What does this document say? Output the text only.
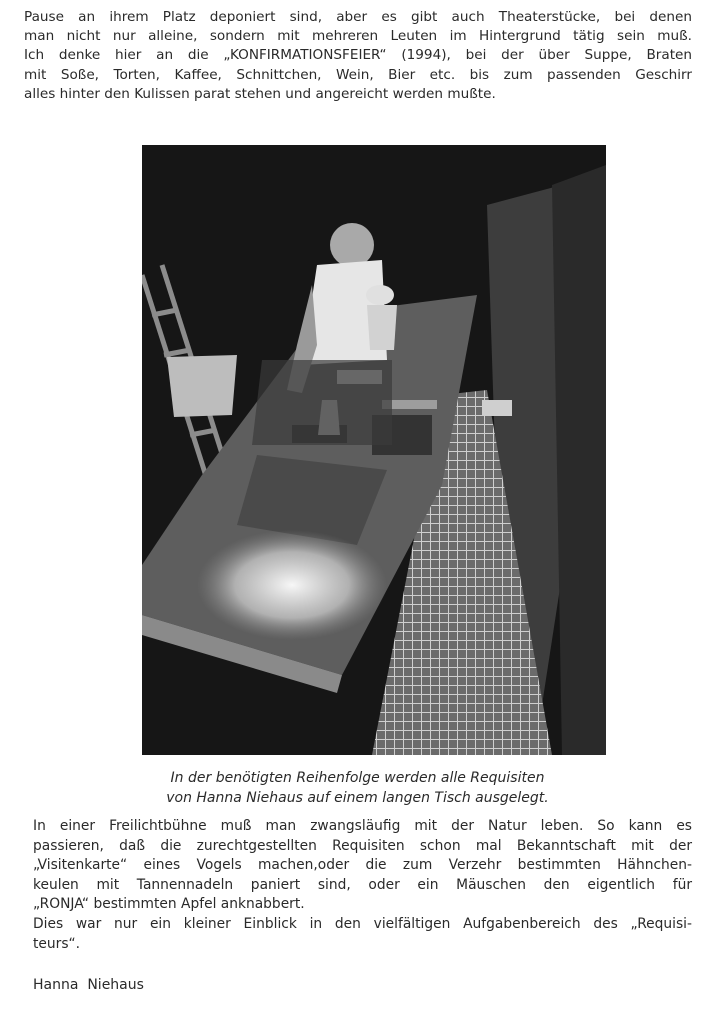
Pause an ihrem Platz deponiert sind, aber es gibt auch Theaterstücke, bei denen
man nicht nur alleine, sondern mit mehreren Leuten im Hintergrund tätig sein muß.
Ich denke hier an die „KONFIRMATIONSFEIER“ (1994), bei der über Suppe, Braten
mit Soße, Torten, Kaffee, Schnittchen, Wein, Bier etc. bis zum passenden Geschirr
alles hinter den Kulissen parat stehen und angereicht werden mußte.
In der benötigten Reihenfolge werden alle Requisiten
von Hanna Niehaus auf einem langen Tisch ausgelegt.
In einer Freilichtbühne muß man zwangsläufig mit der Natur leben. So kann es
passieren, daß die zurechtgestellten Requisiten schon mal Bekanntschaft mit der
„Visitenkarte“ eines Vogels machen,oder die zum Verzehr bestimmten Hähnchen-
keulen mit Tannennadeln paniert sind, oder ein Mäuschen den eigentlich für
„RONJA“ bestimmten Apfel anknabbert.
Dies war nur ein kleiner Einblick in den vielfältigen Aufgabenbereich des „Requisi-
teurs“.
Hanna  Niehaus
